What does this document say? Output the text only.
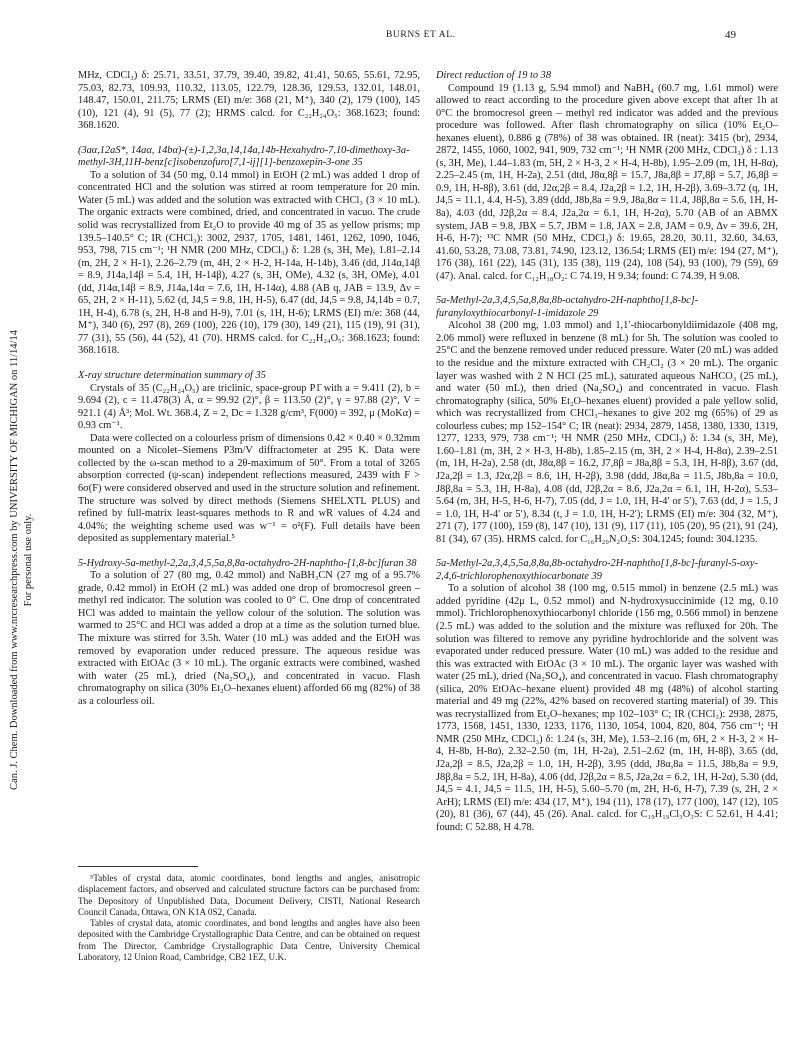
BURNS ET AL.	49
Can. J. Chem. Downloaded from www.nrcresearchpress.com by UNIVERSITY OF MICHIGAN on 11/14/14 For personal use only.

MHz, CDCl₃) δ: 25.71, 33.51, 37.79, 39.40, 39.82, 41.41, 50.65, 55.61, 72.95, 75.03, 82.73, 109.93, 110.32, 113.05, 122.79, 128.36, 129.53, 132.01, 148.01, 148.47, 150.01, 211.75; LRMS (EI) m/e: 368 (21, M⁺), 340 (2), 179 (100), 145 (10), 121 (4), 91 (5), 77 (2); HRMS calcd. for C₂₂H₂₄O₅: 368.1623; found: 368.1620.

(3aα,12aS*, 14aα, 14bα)-(±)-1,2,3a,14,14a,14b-Hexahydro-7,10-dimethoxy-3a-methyl-3H,11H-benz[c]isobenzofuro[7,1-ij][1]-benzoxepin-3-one 35

To a solution of 34 (50 mg, 0.14 mmol) in EtOH (2 mL) was added 1 drop of concentrated HCl and the solution was stirred at room temperature for 20 min. Water (5 mL) was added and the solution was extracted with CHCl₃ (3 × 10 mL). The organic extracts were combined, dried, and concentrated in vacuo. The crude solid was recrystallized from Et₂O to provide 40 mg of 35 as yellow prisms; mp 139.5–140.5° C; IR (CHCl₃): 3002, 2937, 1705, 1481, 1461, 1262, 1090, 1046, 953, 798, 715 cm⁻¹; ¹H NMR (200 MHz, CDCl₃) δ: 1.28 (s, 3H, Me), 1.81–2.14 (m, 2H, 2 × H-1), 2.26–2.79 (m, 4H, 2 × H-2, H-14a, H-14b), 3.46 (dd, J14α,14β = 8.9, J14a,14β = 5.4, 1H, H-14β), 4.27 (s, 3H, OMe), 4.32 (s, 3H, OMe), 4.01 (dd, J14α,14β = 8.9, J14a,14α = 7.6, 1H, H-14α), 4.88 (AB q, JAB = 13.9, Δν = 65, 2H, 2 × H-11), 5.62 (d, J4,5 = 9.8, 1H, H-5), 6.47 (dd, J4,5 = 9.8, J4,14b = 0.7, 1H, H-4), 6.78 (s, 2H, H-8 and H-9), 7.01 (s, 1H, H-6); LRMS (EI) m/e: 368 (44, M⁺), 340 (6), 297 (8), 269 (100), 226 (10), 179 (30), 149 (21), 115 (19), 91 (31), 77 (31), 55 (56), 44 (52), 41 (70). HRMS calcd. for C₂₂H₂₄O₅: 368.1623; found: 368.1618.

X-ray structure determination summary of 35

Crystals of 35 (C₂₂H₂₄O₅) are triclinic, space-group P1̄ with a = 9.411 (2), b = 9.694 (2), c = 11.478(3) Å, α = 99.92 (2)°, β = 113.50 (2)°, γ = 97.88 (2)°, V = 921.1 (4) Å³; Mol. Wt. 368.4, Z = 2, Dc = 1.328 g/cm³, F(000) = 392, μ (MoKα) = 0.93 cm⁻¹.

Data were collected on a colourless prism of dimensions 0.42 × 0.40 × 0.32mm mounted on a Nicolet–Siemens P3m/V diffractometer at 295 K. Data were collected by the ω-scan method to a 2θ-maximum of 50°. From a total of 3265 absorption corrected (ψ-scan) independent reflections measured, 2439 with F > 6σ(F) were considered observed and used in the structure solution and refinement. The structure was solved by direct methods (Siemens SHELXTL PLUS) and refined by full-matrix least-squares methods to R and wR values of 4.24 and 4.04%; the weighting scheme used was w⁻¹ = σ²(F). Full details have been deposited as supplementary material.⁵

5-Hydroxy-5a-methyl-2,2a,3,4,5,5a,8,8a-octahydro-2H-naphtho-[1,8-bc]furan 38

To a solution of 27 (80 mg, 0.42 mmol) and NaBH₃CN (27 mg of a 95.7% grade, 0.42 mmol) in EtOH (2 mL) was added one drop of bromocresol green – methyl red indicator. The solution was cooled to 0° C. One drop of concentrated HCl was added to maintain the yellow colour of the solution. The solution was warmed to 25°C and HCl was added a drop at a time as the solution turned blue. The mixture was stirred for 3.5h. Water (10 mL) was added and the EtOH was removed by evaporation under reduced pressure. The aqueous residue was extracted with EtOAc (3 × 10 mL). The organic extracts were combined, washed with water (25 mL), dried (Na₂SO₄), and concentrated in vacuo. Flash chromatography on silica (30% Et₂O–hexanes eluent) afforded 66 mg (82%) of 38 as a colourless oil.

⁵Tables of crystal data, atomic coordinates, bond lengths and angles, anisotropic displacement factors, and observed and calculated structure factors can be purchased from: The Depository of Unpublished Data, Document Delivery, CISTI, National Research Council Canada, Ottawa, ON K1A 0S2, Canada.

Tables of crystal data, atomic coordinates, and bond lengths and angles have also been deposited with the Cambridge Crystallographic Data Centre, and can be obtained on request from The Director, Cambridge Crystallographic Data Centre, University Chemical Laboratory, 12 Union Road, Cambridge, CB2 1EZ, U.K.

Direct reduction of 19 to 38

Compound 19 (1.13 g, 5.94 mmol) and NaBH₄ (60.7 mg, 1.61 mmol) were allowed to react according to the procedure given above except that after 1h at 0°C the bromocresol green – methyl red indicator was added and the previous procedure was followed. After flash chromatography on silica (10% Et₂O–hexanes eluent), 0.886 g (78%) of 38 was obtained. IR (neat): 3415 (br), 2934, 2872, 1455, 1060, 1002, 941, 909, 732 cm⁻¹; ¹H NMR (200 MHz, CDCl₃) δ : 1.13 (s, 3H, Me), 1.44–1.83 (m, 5H, 2 × H-3, 2 × H-4, H-8b), 1.95–2.09 (m, 1H, H-8α), 2.25–2.45 (m, 1H, H-2a), 2.51 (dtd, J8α,8β = 15.7, J8a,8β = J7,8β = 5.7, J6,8β = 0.9, 1H, H-8β), 3.61 (dd, J2α,2β = 8.4, J2a,2β = 1.2, 1H, H-2β), 3.69–3.72 (q, 1H, J4,5 = 11.1, 4.4, H-5), 3.89 (ddd, J8b,8a = 9.9, J8a,8α = 11.4, J8β,8α = 5.6, 1H, H-8a), 4.03 (dd, J2β,2α = 8.4, J2a,2α = 6.1, 1H, H-2α), 5.70 (AB of an ABMX system, JAB = 9.8, JBX = 5.7, JBM = 1.8, JAX = 2.8, JAM = 0.9, Δν = 39.6, 2H, H-6, H-7); ¹³C NMR (50 MHz, CDCl₃) δ: 19.65, 28.20, 30.11, 32.60, 34.63, 41.60, 53.28, 73.08, 73.81, 74.90, 123.12, 136.54; LRMS (EI) m/e: 194 (27, M⁺), 176 (38), 161 (22), 145 (31), 135 (38), 119 (24), 108 (54), 93 (100), 79 (59), 69 (47). Anal. calcd. for C₁₂H₁₈O₂: C 74.19, H 9.34; found: C 74.39, H 9.08.

5a-Methyl-2a,3,4,5,5a,8,8a,8b-octahydro-2H-naphtho[1,8-bc]-furanyloxythiocarbonyl-1-imidazole 29

Alcohol 38 (200 mg, 1.03 mmol) and 1,1′-thiocarbonyldiimidazole (408 mg, 2.06 mmol) were refluxed in benzene (8 mL) for 5h. The solution was cooled to 25°C and the benzene removed under reduced pressure. Water (20 mL) was added to the residue and the mixture extracted with CH₂Cl₂ (3 × 20 mL). The organic layer was washed with 2 N HCl (25 mL), saturated aqueous NaHCO₃ (25 mL), and water (50 mL), then dried (Na₂SO₄) and concentrated in vacuo. Flash chromatography (silica, 50% Et₂O–hexanes eluent) provided a pale yellow solid, which was recrystallized from CHCl₃–hexanes to give 202 mg (65%) of 29 as colourless cubes; mp 152–154° C; IR (neat): 2934, 2879, 1458, 1380, 1330, 1319, 1277, 1233, 979, 738 cm⁻¹; ¹H NMR (250 MHz, CDCl₃) δ: 1.34 (s, 3H, Me), 1.60–1.81 (m, 3H, 2 × H-3, H-8b), 1.85–2.15 (m, 3H, 2 × H-4, H-8α), 2.39–2.51 (m, 1H, H-2a), 2.58 (dt, J8α,8β = 16.2, J7,8β = J8a,8β = 5.3, 1H, H-8β), 3.67 (dd, J2a,2β = 1.3, J2α,2β = 8.6, 1H, H-2β), 3.98 (ddd, J8α,8a = 11.5, J8b,8a = 10.0, J8β,8a = 5.3, 1H, H-8a), 4.08 (dd, J2β,2α = 8.6, J2a,2α = 6.1, 1H, H-2α), 5.53–5.64 (m, 3H, H-5, H-6, H-7), 7.05 (dd, J = 1.0, 1H, H-4′ or 5′), 7.63 (dd, J = 1.5, J = 1.0, 1H, H-4′ or 5′), 8.34 (t, J = 1.0, 1H, H-2′); LRMS (EI) m/e: 304 (32, M⁺), 271 (7), 177 (100), 159 (8), 147 (10), 131 (9), 117 (11), 105 (20), 95 (21), 91 (24), 81 (34), 67 (35). HRMS calcd. for C₁₆H₂₀N₂O₂S: 304.1245; found: 304.1235.

5a-Methyl-2a,3,4,5,5a,8,8a,8b-octahydro-2H-naphtho[1,8-bc]-furanyl-5-oxy-2,4,6-trichlorophenoxythiocarbonate 39

To a solution of alcohol 38 (100 mg, 0.515 mmol) in benzene (2.5 mL) was added pyridine (42μ L, 0.52 mmol) and N-hydroxysuccinimide (12 mg, 0.10 mmol). Trichlorophenoxythiocarbonyl chloride (156 mg, 0.566 mmol) in benzene (2.5 mL) was added to the solution and the mixture was refluxed for 20h. The solution was filtered to remove any pyridine hydrochloride and the solvent was evaporated under reduced pressure. Water (10 mL) was added to the residue and this was extracted with EtOAc (3 × 10 mL). The organic layer was washed with water (25 mL), dried (Na₂SO₄), and concentrated in vacuo. Flash chromatography (silica, 20% EtOAc–hexane eluent) provided 48 mg (48%) of alcohol starting material and 49 mg (22%, 42% based on recovered starting material) of 39. This was recrystallized from Et₂O–hexanes; mp 102–103° C; IR (CHCl₃): 2938, 2875, 1773, 1568, 1451, 1330, 1233, 1176, 1130, 1054, 1004, 820, 804, 756 cm⁻¹; ¹H NMR (250 MHz, CDCl₃) δ: 1.24 (s, 3H, Me), 1.53–2.16 (m, 6H, 2 × H-3, 2 × H-4, H-8b, H-8α), 2.32–2.50 (m, 1H, H-2a), 2.51–2.62 (m, 1H, H-8β), 3.65 (dd, J2a,2β = 8.5, J2a,2β = 1.0, 1H, H-2β), 3.95 (ddd, J8α,8a = 11.5, J8b,8a = 9.9, J8β,8a = 5.2, 1H, H-8a), 4.06 (dd, J2β,2α = 8.5, J2a,2α = 6.2, 1H, H-2α), 5.30 (dd, J4,5 = 4.1, J4,5 = 11.5, 1H, H-5), 5.60–5.70 (m, 2H, H-6, H-7), 7.39 (s, 2H, 2 × ArH); LRMS (EI) m/e: 434 (17, M⁺), 194 (11), 178 (17), 177 (100), 147 (12), 105 (20), 81 (36), 67 (44), 45 (26). Anal. calcd. for C₁₉H₁₉Cl₃O₃S: C 52.61, H 4.41; found: C 52.88, H 4.78.
